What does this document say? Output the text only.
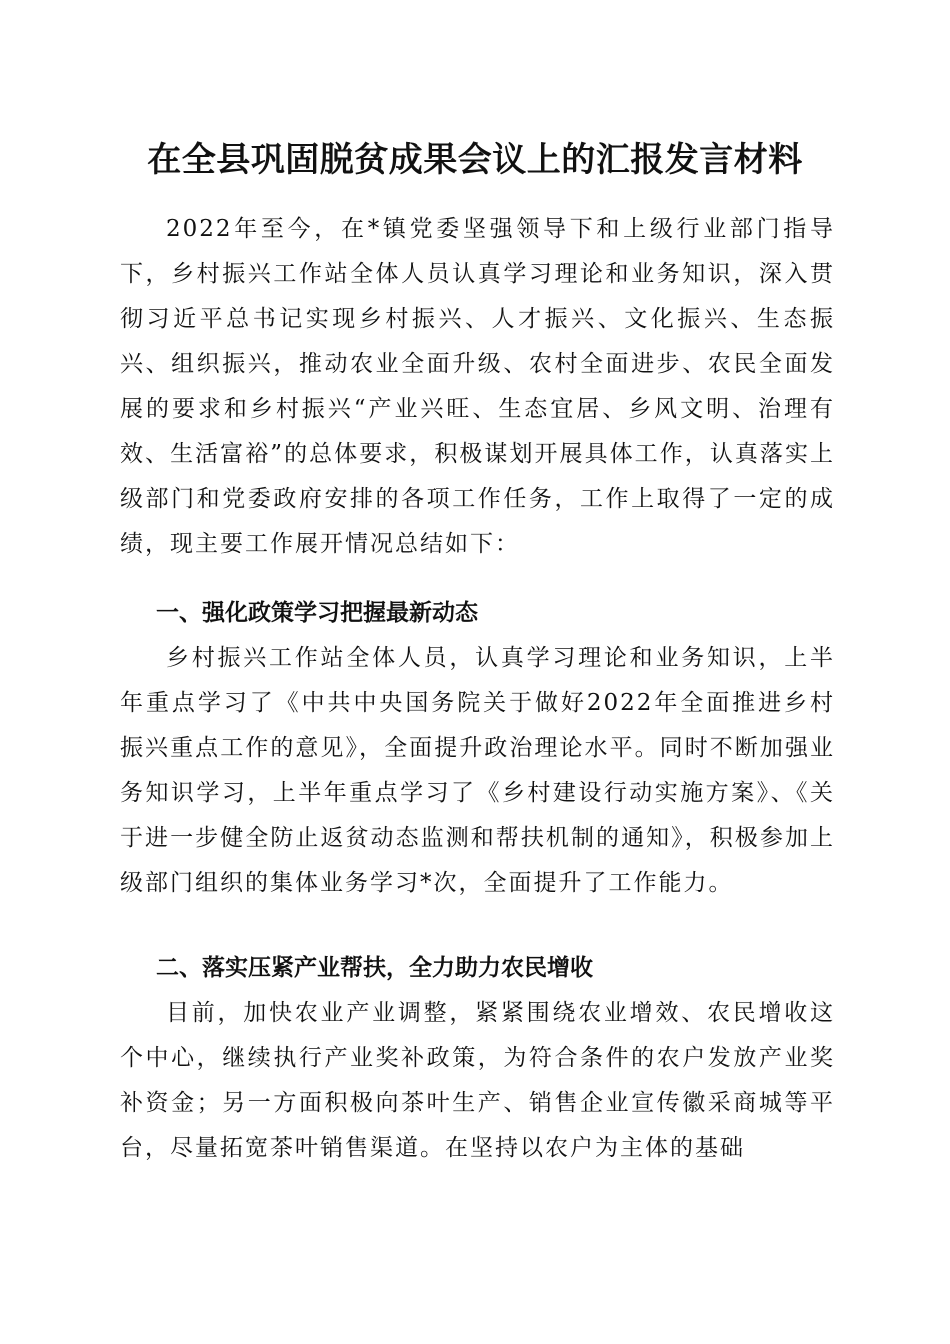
在全县巩固脱贫成果会议上的汇报发言材料

2022年至今，在*镇党委坚强领导下和上级行业部门指导下，乡村振兴工作站全体人员认真学习理论和业务知识，深入贯彻习近平总书记实现乡村振兴、人才振兴、文化振兴、生态振兴、组织振兴，推动农业全面升级、农村全面进步、农民全面发展的要求和乡村振兴“产业兴旺、生态宜居、乡风文明、治理有效、生活富裕”的总体要求，积极谋划开展具体工作，认真落实上级部门和党委政府安排的各项工作任务，工作上取得了一定的成绩，现主要工作展开情况总结如下：

一、强化政策学习把握最新动态

乡村振兴工作站全体人员，认真学习理论和业务知识，上半年重点学习了《中共中央国务院关于做好2022年全面推进乡村振兴重点工作的意见》，全面提升政治理论水平。同时不断加强业务知识学习，上半年重点学习了《乡村建设行动实施方案》、《关于进一步健全防止返贫动态监测和帮扶机制的通知》，积极参加上级部门组织的集体业务学习*次，全面提升了工作能力。

二、落实压紧产业帮扶，全力助力农民增收

目前，加快农业产业调整，紧紧围绕农业增效、农民增收这个中心，继续执行产业奖补政策，为符合条件的农户发放产业奖补资金；另一方面积极向茶叶生产、销售企业宣传徽采商城等平台，尽量拓宽茶叶销售渠道。在坚持以农户为主体的基础
